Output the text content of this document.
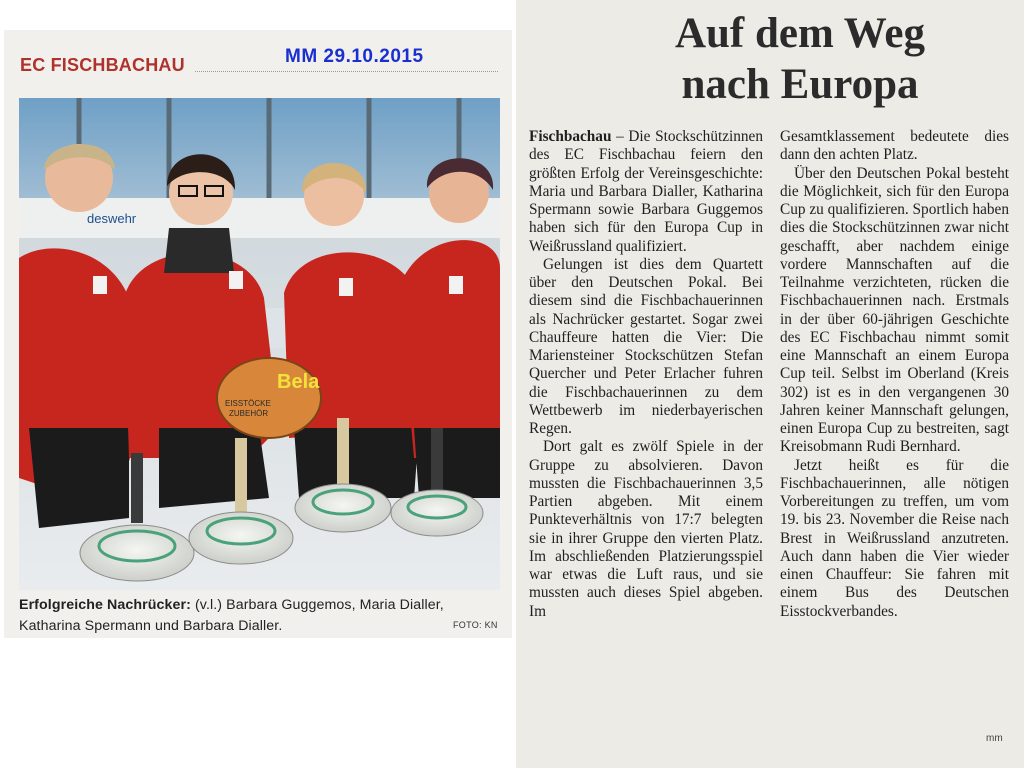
EC FISCHBACHAU	MM 29.10.2015
deswehr
Bela
EISSTÖCKE
ZUBEHÖR
Erfolgreiche Nachrücker: (v.l.) Barbara Guggemos, Maria Dialler, Katharina Spermann und Barbara Dialler.	FOTO: KN
Auf dem Weg
nach Europa

Fischbachau – Die Stockschützinnen des EC Fischbachau feiern den größten Erfolg der Vereinsgeschichte: Maria und Barbara Dialler, Katharina Spermann sowie Barbara Guggemos haben sich für den Europa Cup in Weißrussland qualifiziert.

Gelungen ist dies dem Quartett über den Deutschen Pokal. Bei diesem sind die Fischbachauerinnen als Nachrücker gestartet. Sogar zwei Chauffeure hatten die Vier: Die Mariensteiner Stockschützen Stefan Quercher und Peter Erlacher fuhren die Fischbachauerinnen zu dem Wettbewerb im niederbayerischen Regen.

Dort galt es zwölf Spiele in der Gruppe zu absolvieren. Davon mussten die Fischbachauerinnen 3,5 Partien abgeben. Mit einem Punkteverhältnis von 17:7 belegten sie in ihrer Gruppe den vierten Platz. Im abschließenden Platzierungsspiel war etwas die Luft raus, und sie mussten auch dieses Spiel abgeben. Im

Gesamtklassement bedeutete dies dann den achten Platz.

Über den Deutschen Pokal besteht die Möglichkeit, sich für den Europa Cup zu qualifizieren. Sportlich haben dies die Stockschützinnen zwar nicht geschafft, aber nachdem einige vordere Mannschaften auf die Teilnahme verzichteten, rücken die Fischbachauerinnen nach. Erstmals in der über 60-jährigen Geschichte des EC Fischbachau nimmt somit eine Mannschaft an einem Europa Cup teil. Selbst im Oberland (Kreis 302) ist es in den vergangenen 30 Jahren keiner Mannschaft gelungen, einen Europa Cup zu bestreiten, sagt Kreisobmann Rudi Bernhard.

Jetzt heißt es für die Fischbachauerinnen, alle nötigen Vorbereitungen zu treffen, um vom 19. bis 23. November die Reise nach Brest in Weißrussland anzutreten. Auch dann haben die Vier wieder einen Chauffeur: Sie fahren mit einem Bus des Deutschen Eisstockverbandes.

mm
